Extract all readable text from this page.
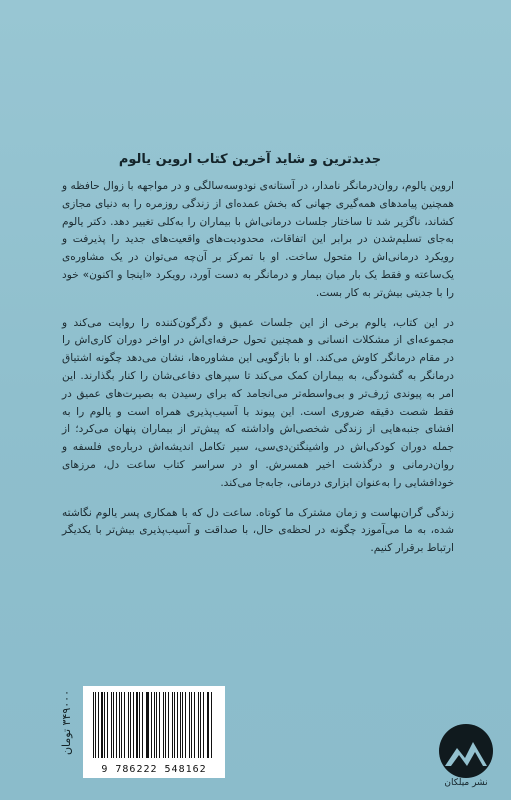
جدیدترین و شاید آخرین کتاب اروین یالوم

اروین یالوم، روان‌درمانگر نامدار، در آستانه‌ی نودوسه‌سالگی و در مواجهه با زوال حافظه و همچنین پیامدهای همه‌گیری جهانی که بخش عمده‌ای از زندگی روزمره را به دنیای مجازی کشاند، ناگزیر شد تا ساختار جلسات درمانی‌اش با بیماران را به‌کلی تغییر دهد. دکتر یالوم به‌جای تسلیم‌شدن در برابر این اتفاقات، محدودیت‌های واقعیت‌های جدید را پذیرفت و رویکرد درمانی‌اش را متحول ساخت. او با تمرکز بر آن‌چه می‌توان در یک مشاوره‌ی یک‌ساعته و فقط یک بار میان بیمار و درمانگر به دست آورد، رویکرد «اینجا و اکنون» خود را با جدیتی بیش‌تر به کار بست.

در این کتاب، یالوم برخی از این جلسات عمیق و دگرگون‌کننده را روایت می‌کند و مجموعه‌ای از مشکلات انسانی و همچنین تحول حرفه‌ای‌اش در اواخر دوران کاری‌اش را در مقام درمانگر کاوش می‌کند. او با بازگویی این مشاوره‌ها، نشان می‌دهد چگونه اشتیاق درمانگر به گشودگی، به بیماران کمک می‌کند تا سپرهای دفاعی‌شان را کنار بگذارند. این امر به پیوندی ژرف‌تر و بی‌واسطه‌تر می‌انجامد که برای رسیدن به بصیرت‌های عمیق در فقط شصت دقیقه ضروری است. این پیوند با آسیب‌پذیری همراه است و یالوم را به افشای جنبه‌هایی از زندگی شخصی‌اش واداشته که پیش‌تر از بیماران پنهان می‌کرد؛ از جمله دوران کودکی‌اش در واشینگتن‌دی‌سی، سیر تکامل اندیشه‌اش درباره‌ی فلسفه و روان‌درمانی و درگذشت اخیر همسرش. او در سراسر کتاب ساعت دل، مرزهای خودافشایی را به‌عنوان ابزاری درمانی، جابه‌جا می‌کند.

زندگی گران‌بهاست و زمان مشترک ما کوتاه. ساعت دل که با همکاری پسر یالوم نگاشته شده، به ما می‌آموزد چگونه در لحظه‌ی حال، با صداقت و آسیب‌پذیری بیش‌تر با یکدیگر ارتباط برقرار کنیم.

۳۴۹۰۰۰ تومان
9 786222 548162
نشر میلکان
